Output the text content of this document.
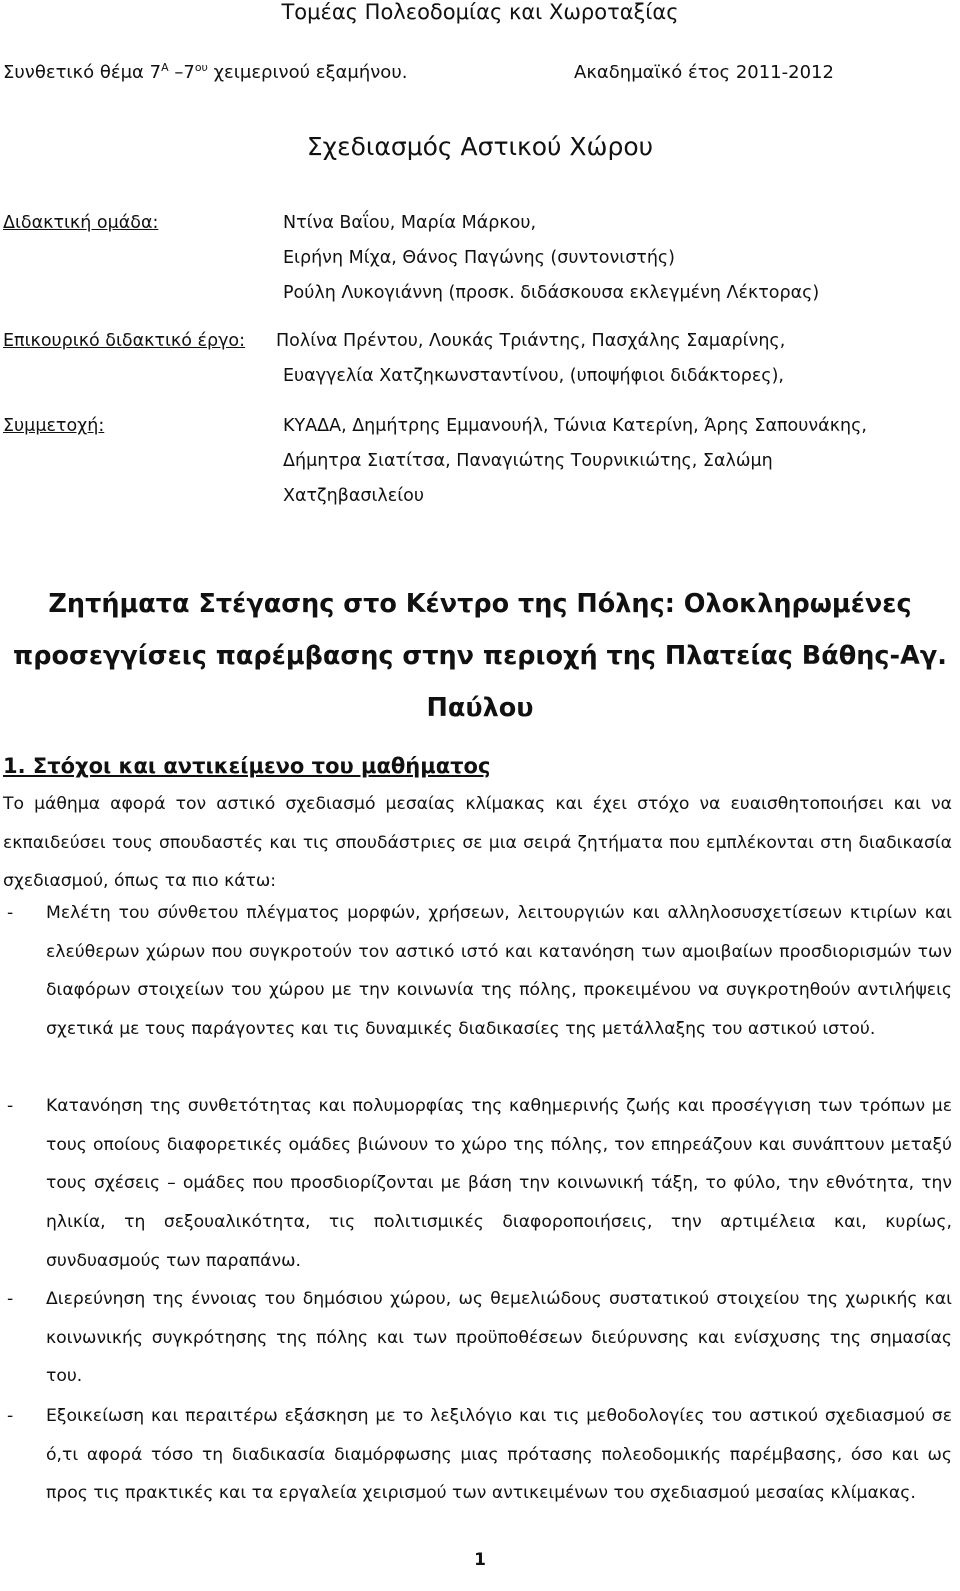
Τομέας Πολεοδομίας και Χωροταξίας
Συνθετικό θέμα $7^A$ $-7^{o\upsilon}$ χειμερινού εξαμήνου.	Ακαδημαϊκό έτος 2011-2012
Σχεδιασμός Αστικού Χώρου
Διδακτική ομάδα:	Ντίνα Βαΐου, Μαρία Μάρκου,
Ειρήνη Μίχα, Θάνος Παγώνης (συντονιστής)
Ρούλη Λυκογιάννη (προσκ. διδάσκουσα εκλεγμένη Λέκτορας)
Επικουρικό διδακτικό έργο: Πολίνα Πρέντου, Λουκάς Τριάντης, Πασχάλης Σαμαρίνης,
Ευαγγελία Χατζηκωνσταντίνου, (υποψήφιοι διδάκτορες),
Συμμετοχή:	ΚΥΑΔΑ, Δημήτρης Εμμανουήλ, Τώνια Κατερίνη, Άρης Σαπουνάκης,
Δήμητρα Σιατίτσα, Παναγιώτης Τουρνικιώτης, Σαλώμη
Χατζηβασιλείου
Ζητήματα Στέγασης στο Κέντρο της Πόλης: Ολοκληρωμένες προσεγγίσεις παρέμβασης στην περιοχή της Πλατείας Βάθης-Αγ. Παύλου
1. Στόχοι και αντικείμενο του μαθήματος
Το μάθημα αφορά τον αστικό σχεδιασμό μεσαίας κλίμακας και έχει στόχο να ευαισθητοποιήσει και να εκπαιδεύσει τους σπουδαστές και τις σπουδάστριες σε μια σειρά ζητήματα που εμπλέκονται στη διαδικασία σχεδιασμού, όπως τα πιο κάτω:
- Μελέτη του σύνθετου πλέγματος μορφών, χρήσεων, λειτουργιών και αλληλοσυσχετίσεων κτιρίων και ελεύθερων χώρων που συγκροτούν τον αστικό ιστό και κατανόηση των αμοιβαίων προσδιορισμών των διαφόρων στοιχείων του χώρου με την κοινωνία της πόλης, προκειμένου να συγκροτηθούν αντιλήψεις σχετικά με τους παράγοντες και τις δυναμικές διαδικασίες της μετάλλαξης του αστικού ιστού.
- Κατανόηση της συνθετότητας και πολυμορφίας της καθημερινής ζωής και προσέγγιση των τρόπων με τους οποίους διαφορετικές ομάδες βιώνουν το χώρο της πόλης, τον επηρεάζουν και συνάπτουν μεταξύ τους σχέσεις – ομάδες που προσδιορίζονται με βάση την κοινωνική τάξη, το φύλο, την εθνότητα, την ηλικία, τη σεξουαλικότητα, τις πολιτισμικές διαφοροποιήσεις, την αρτιμέλεια και, κυρίως, συνδυασμούς των παραπάνω.
- Διερεύνηση της έννοιας του δημόσιου χώρου, ως θεμελιώδους συστατικού στοιχείου της χωρικής και κοινωνικής συγκρότησης της πόλης και των προϋποθέσεων διεύρυνσης και ενίσχυσης της σημασίας του.
- Εξοικείωση και περαιτέρω εξάσκηση με το λεξιλόγιο και τις μεθοδολογίες του αστικού σχεδιασμού σε ό,τι αφορά τόσο τη διαδικασία διαμόρφωσης μιας πρότασης πολεοδομικής παρέμβασης, όσο και ως προς τις πρακτικές και τα εργαλεία χειρισμού των αντικειμένων του σχεδιασμού μεσαίας κλίμακας.
1
